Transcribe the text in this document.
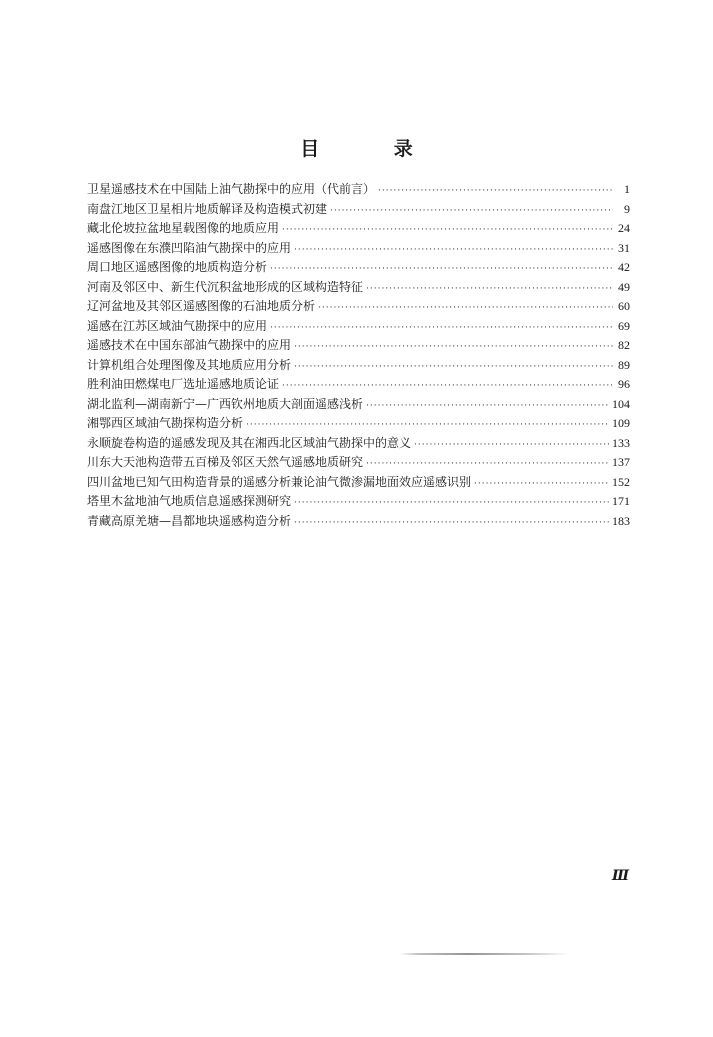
目 录
卫星遥感技术在中国陆上油气勘探中的应用（代前言） ·····	1
南盘江地区卫星相片地质解译及构造模式初建 ·····	9
藏北伦坡拉盆地星载图像的地质应用 ·····	24
遥感图像在东濮凹陷油气勘探中的应用 ·····	31
周口地区遥感图像的地质构造分析 ·····	42
河南及邻区中、新生代沉积盆地形成的区域构造特征 ·····	49
辽河盆地及其邻区遥感图像的石油地质分析 ·····	60
遥感在江苏区域油气勘探中的应用 ·····	69
遥感技术在中国东部油气勘探中的应用 ·····	82
计算机组合处理图像及其地质应用分析 ·····	89
胜利油田燃煤电厂选址遥感地质论证 ·····	96
湖北监利—湖南新宁—广西钦州地质大剖面遥感浅析 ·····	104
湘鄂西区域油气勘探构造分析 ·····	109
永顺旋卷构造的遥感发现及其在湘西北区域油气勘探中的意义 ·····	133
川东大天池构造带五百梯及邻区天然气遥感地质研究 ·····	137
四川盆地已知气田构造背景的遥感分析兼论油气微渗漏地面效应遥感识别 ·····	152
塔里木盆地油气地质信息遥感探测研究 ·····	171
青藏高原羌塘—昌都地块遥感构造分析 ·····	183
Ⅲ
